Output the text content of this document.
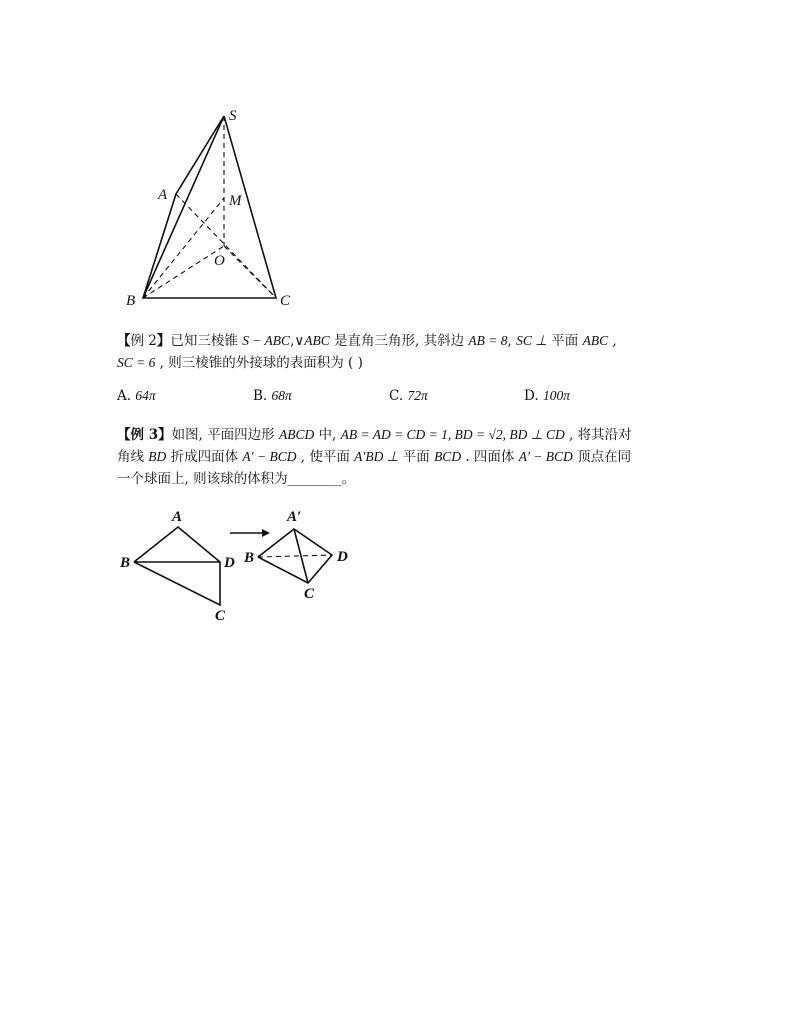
S
A	M
O
B	C
【例 2】已知三棱锥 S − ABC,∨ABC 是直角三角形, 其斜边 AB = 8, SC ⊥ 平面 ABC ,
SC = 6 , 则三棱锥的外接球的表面积为 ( )
A. 64π	B. 68π	C. 72π	D. 100π
【例 3】如图, 平面四边形 ABCD 中, AB = AD = CD = 1, BD = √2, BD ⊥ CD , 将其沿对
角线 BD 折成四面体 A′ − BCD , 使平面 A′BD ⊥ 平面 BCD . 四面体 A′ − BCD 顶点在同
一个球面上, 则该球的体积为________。
A
B	D
C
A′
B	D
C
